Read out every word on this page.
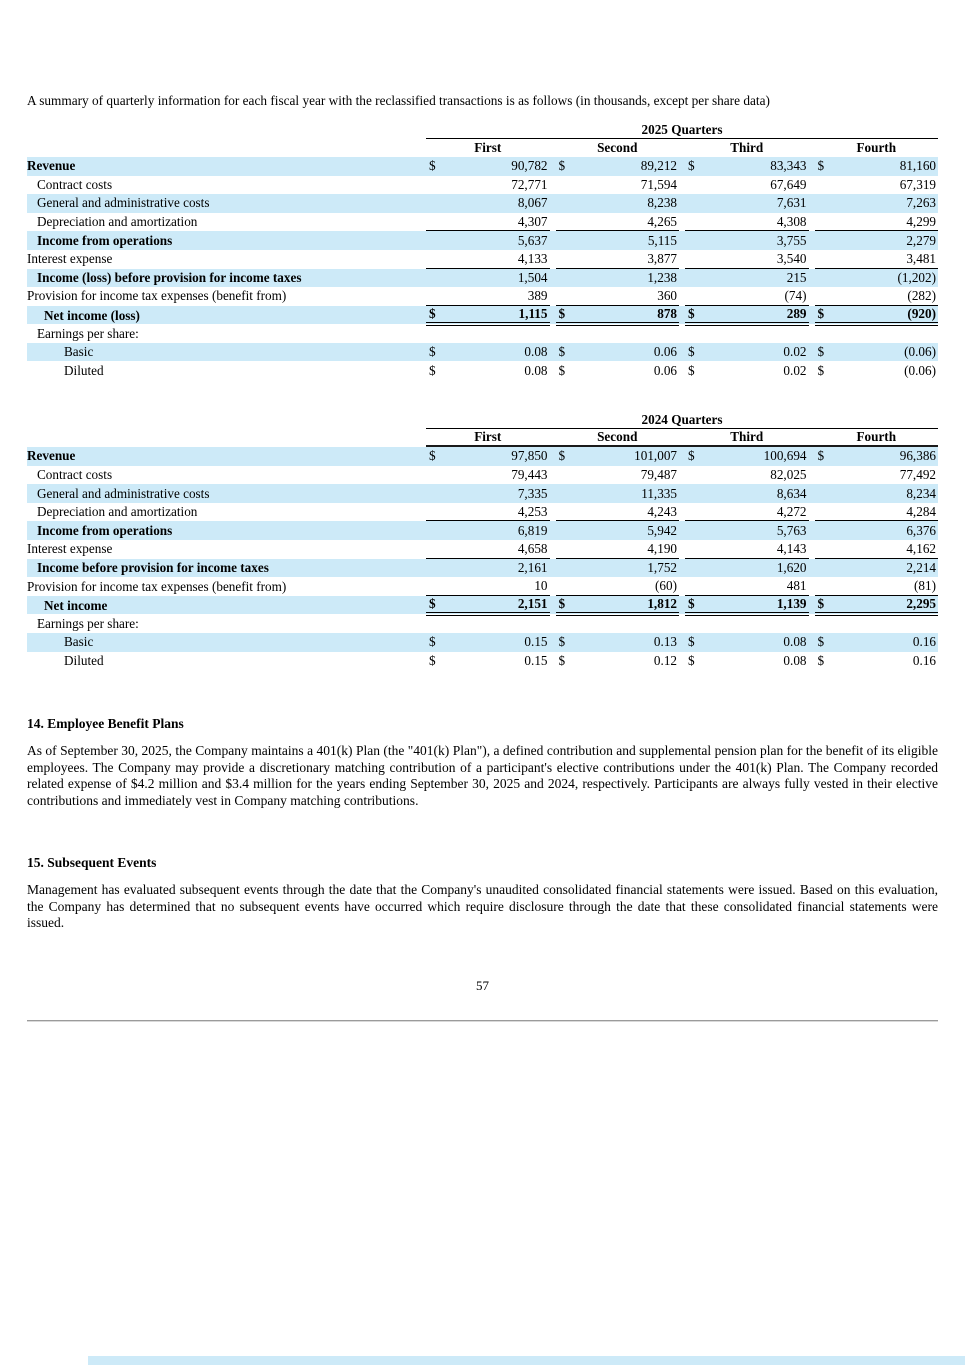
A summary of quarterly information for each fiscal year with the reclassified transactions is as follows (in thousands, except per share data)

2025 Quarters
First	Second	Third	Fourth
Revenue	$	90,782 $	89,212 $	83,343 $	81,160
Contract costs	72,771	71,594	67,649	67,319
General and administrative costs	8,067	8,238	7,631	7,263
Depreciation and amortization	4,307	4,265	4,308	4,299
Income from operations	5,637	5,115	3,755	2,279
Interest expense	4,133	3,877	3,540	3,481
Income (loss) before provision for income taxes	1,504	1,238	215	(1,202)
Provision for income tax expenses (benefit from)	389	360	(74)	(282)
Net income (loss)	$	1,115 $	878 $	289 $	(920)
Earnings per share:
Basic	$	0.08 $	0.06 $	0.02 $	(0.06)
Diluted	$	0.08 $	0.06 $	0.02 $	(0.06)
2024 Quarters
First	Second	Third	Fourth
Revenue	$	97,850 $	101,007 $	100,694 $	96,386
Contract costs	79,443	79,487	82,025	77,492
General and administrative costs	7,335	11,335	8,634	8,234
Depreciation and amortization	4,253	4,243	4,272	4,284
Income from operations	6,819	5,942	5,763	6,376
Interest expense	4,658	4,190	4,143	4,162
Income before provision for income taxes	2,161	1,752	1,620	2,214
Provision for income tax expenses (benefit from)	10	(60)	481	(81)
Net income	$	2,151 $	1,812 $	1,139 $	2,295
Earnings per share:
Basic	$	0.15 $	0.13 $	0.08 $	0.16
Diluted	$	0.15 $	0.12 $	0.08 $	0.16
14. Employee Benefit Plans

As of September 30, 2025, the Company maintains a 401(k) Plan (the "401(k) Plan"), a defined contribution and supplemental pension plan for the benefit of its eligible employees. The Company may provide a discretionary matching contribution of a participant's elective contributions under the 401(k) Plan. The Company recorded related expense of $4.2 million and $3.4 million for the years ending September 30, 2025 and 2024, respectively. Participants are always fully vested in their elective contributions and immediately vest in Company matching contributions.

15. Subsequent Events

Management has evaluated subsequent events through the date that the Company's unaudited consolidated financial statements were issued. Based on this evaluation, the Company has determined that no subsequent events have occurred which require disclosure through the date that these consolidated financial statements were issued.

57
